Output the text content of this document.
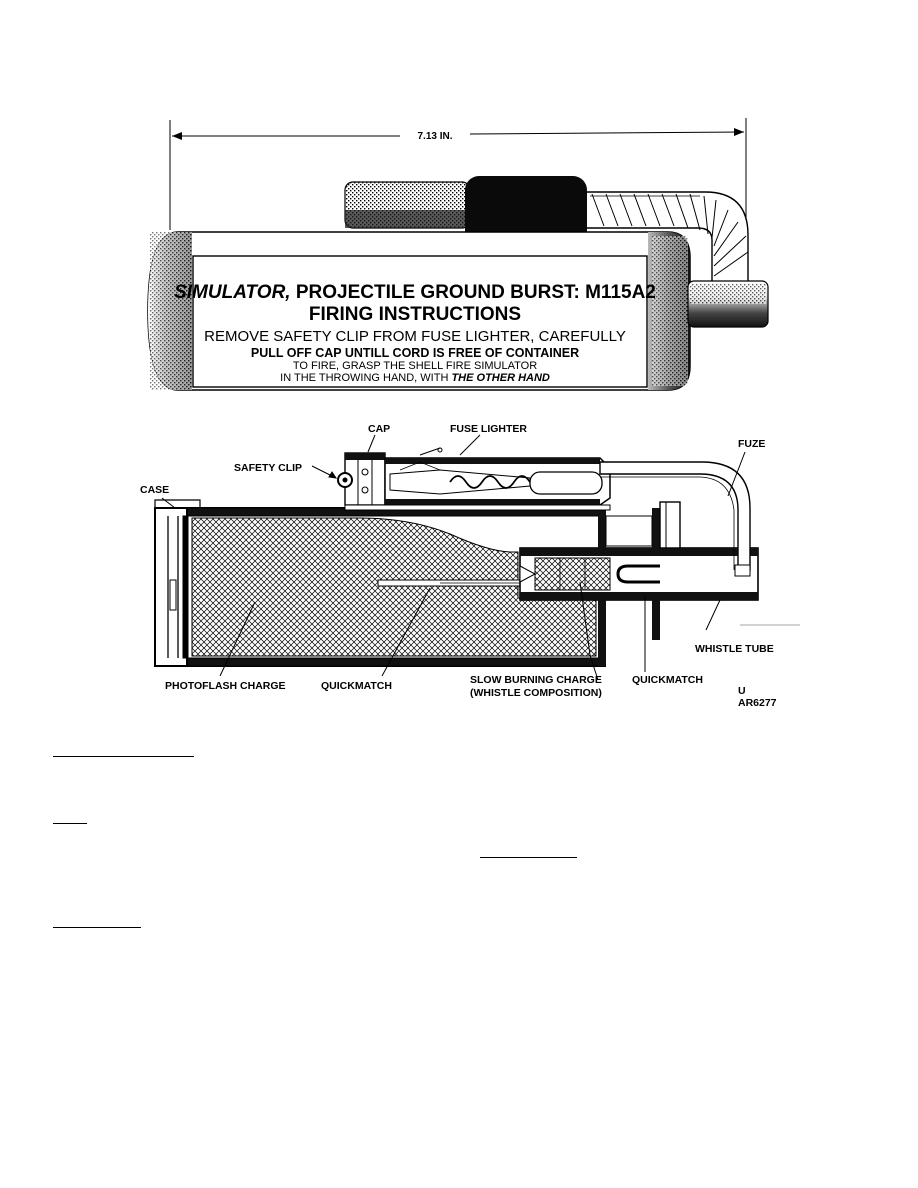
7.13 IN.
SIMULATOR, PROJECTILE GROUND BURST: M115A2
FIRING INSTRUCTIONS
REMOVE SAFETY CLIP FROM FUSE LIGHTER, CAREFULLY
PULL OFF CAP UNTILL CORD IS FREE OF CONTAINER
TO FIRE, GRASP THE SHELL FIRE SIMULATOR
IN THE THROWING HAND, WITH THE OTHER HAND
CAP	FUSE LIGHTER
FUZE
SAFETY CLIP
CASE
WHISTLE TUBE
PHOTOFLASH CHARGE	QUICKMATCH	SLOW BURNING CHARGE
(WHISTLE COMPOSITION)
QUICKMATCH
U
AR6277
